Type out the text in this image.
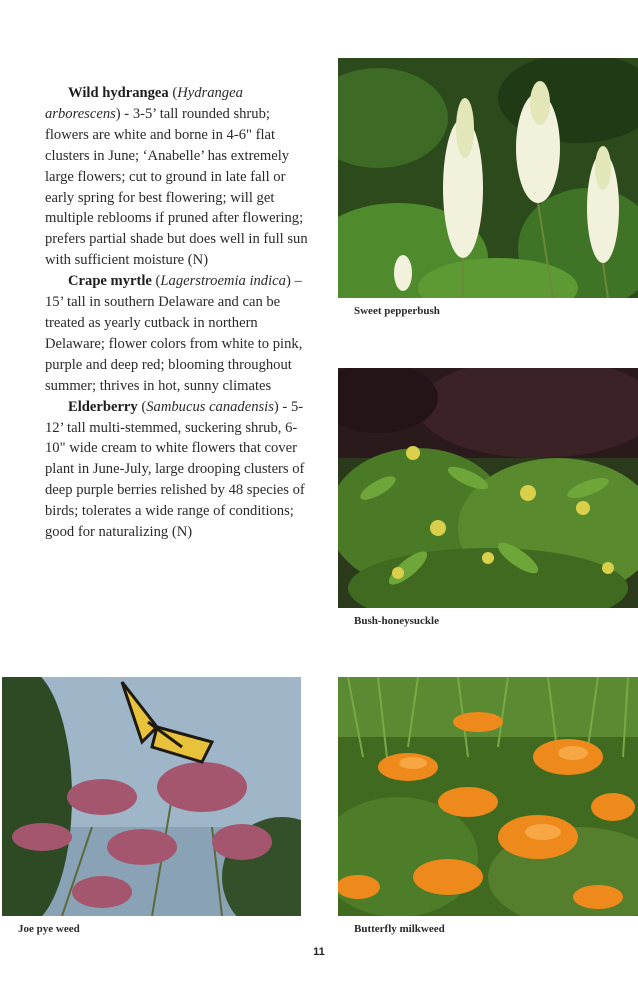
Wild hydrangea (Hydrangea arborescens) - 3-5’ tall rounded shrub; flowers are white and borne in 4-6" flat clusters in June; ‘Anabelle’ has extremely large flowers; cut to ground in late fall or early spring for best flowering; will get multiple reblooms if pruned after flowering; prefers partial shade but does well in full sun with sufficient moisture (N)

Crape myrtle (Lagerstroemia indica) – 15’ tall in southern Delaware and can be treated as yearly cutback in northern Delaware; flower colors from white to pink, purple and deep red; blooming throughout summer; thrives in hot, sunny climates

Elderberry (Sambucus canadensis) - 5-12’ tall multi-stemmed, suckering shrub, 6-10" wide cream to white flowers that cover plant in June-July, large drooping clusters of deep purple berries relished by 48 species of birds; tolerates a wide range of conditions; good for naturalizing (N)

Sweet pepperbush
Bush-honeysuckle
Joe pye weed	Butterfly milkweed
11
